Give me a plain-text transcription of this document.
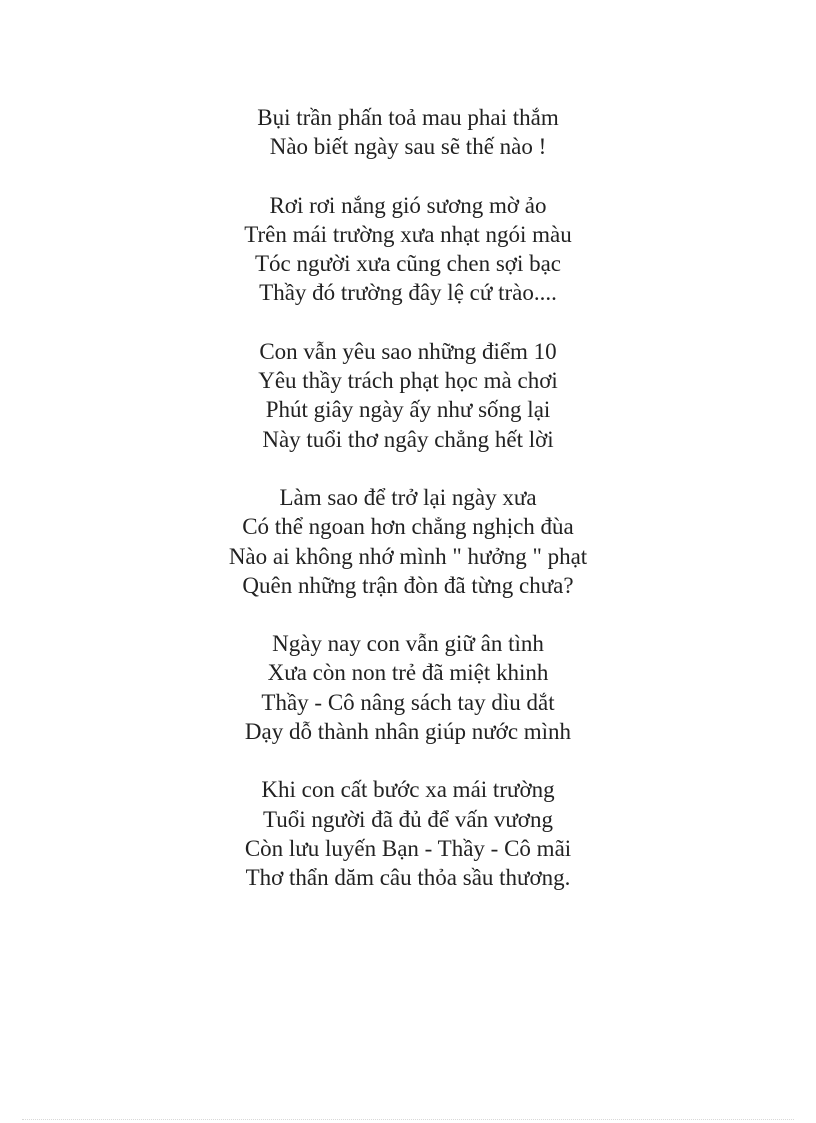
Bụi trần phấn toả mau phai thắm
Nào biết ngày sau sẽ thế nào !
Rơi rơi nắng gió sương mờ ảo
Trên mái trường xưa nhạt ngói màu
Tóc người xưa cũng chen sợi bạc
Thầy đó trường đây lệ cứ trào....
Con vẫn yêu sao những điểm 10
Yêu thầy trách phạt học mà chơi
Phút giây ngày ấy như sống lại
Này tuổi thơ ngây chẳng hết lời
Làm sao để trở lại ngày xưa
Có thể ngoan hơn chẳng nghịch đùa
Nào ai không nhớ mình " hưởng " phạt
Quên những trận đòn đã từng chưa?
Ngày nay con vẫn giữ ân tình
Xưa còn non trẻ đã miệt khinh
Thầy - Cô nâng sách tay dìu dắt
Dạy dỗ thành nhân giúp nước mình
Khi con cất bước xa mái trường
Tuổi người đã đủ để vấn vương
Còn lưu luyến Bạn - Thầy - Cô mãi
Thơ thẩn dăm câu thỏa sầu thương.
